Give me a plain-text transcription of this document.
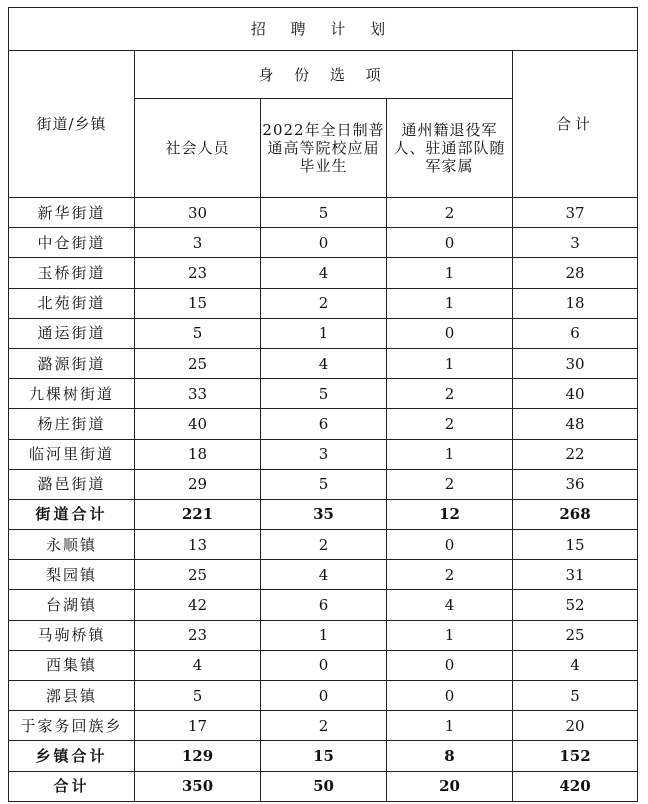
招 聘 计 划				
街道/乡镇	身 份 选 项			合计
	社会人员	2022年全日制普通高等院校应届毕业生	通州籍退役军人、驻通部队随军家属	
新华街道	30	5	2	37
中仓街道	3	0	0	3
玉桥街道	23	4	1	28
北苑街道	15	2	1	18
通运街道	5	1	0	6
潞源街道	25	4	1	30
九棵树街道	33	5	2	40
杨庄街道	40	6	2	48
临河里街道	18	3	1	22
潞邑街道	29	5	2	36
街道合计	221	35	12	268
永顺镇	13	2	0	15
梨园镇	25	4	2	31
台湖镇	42	6	4	52
马驹桥镇	23	1	1	25
西集镇	4	0	0	4
漷县镇	5	0	0	5
于家务回族乡	17	2	1	20
乡镇合计	129	15	8	152
合计	350	50	20	420
